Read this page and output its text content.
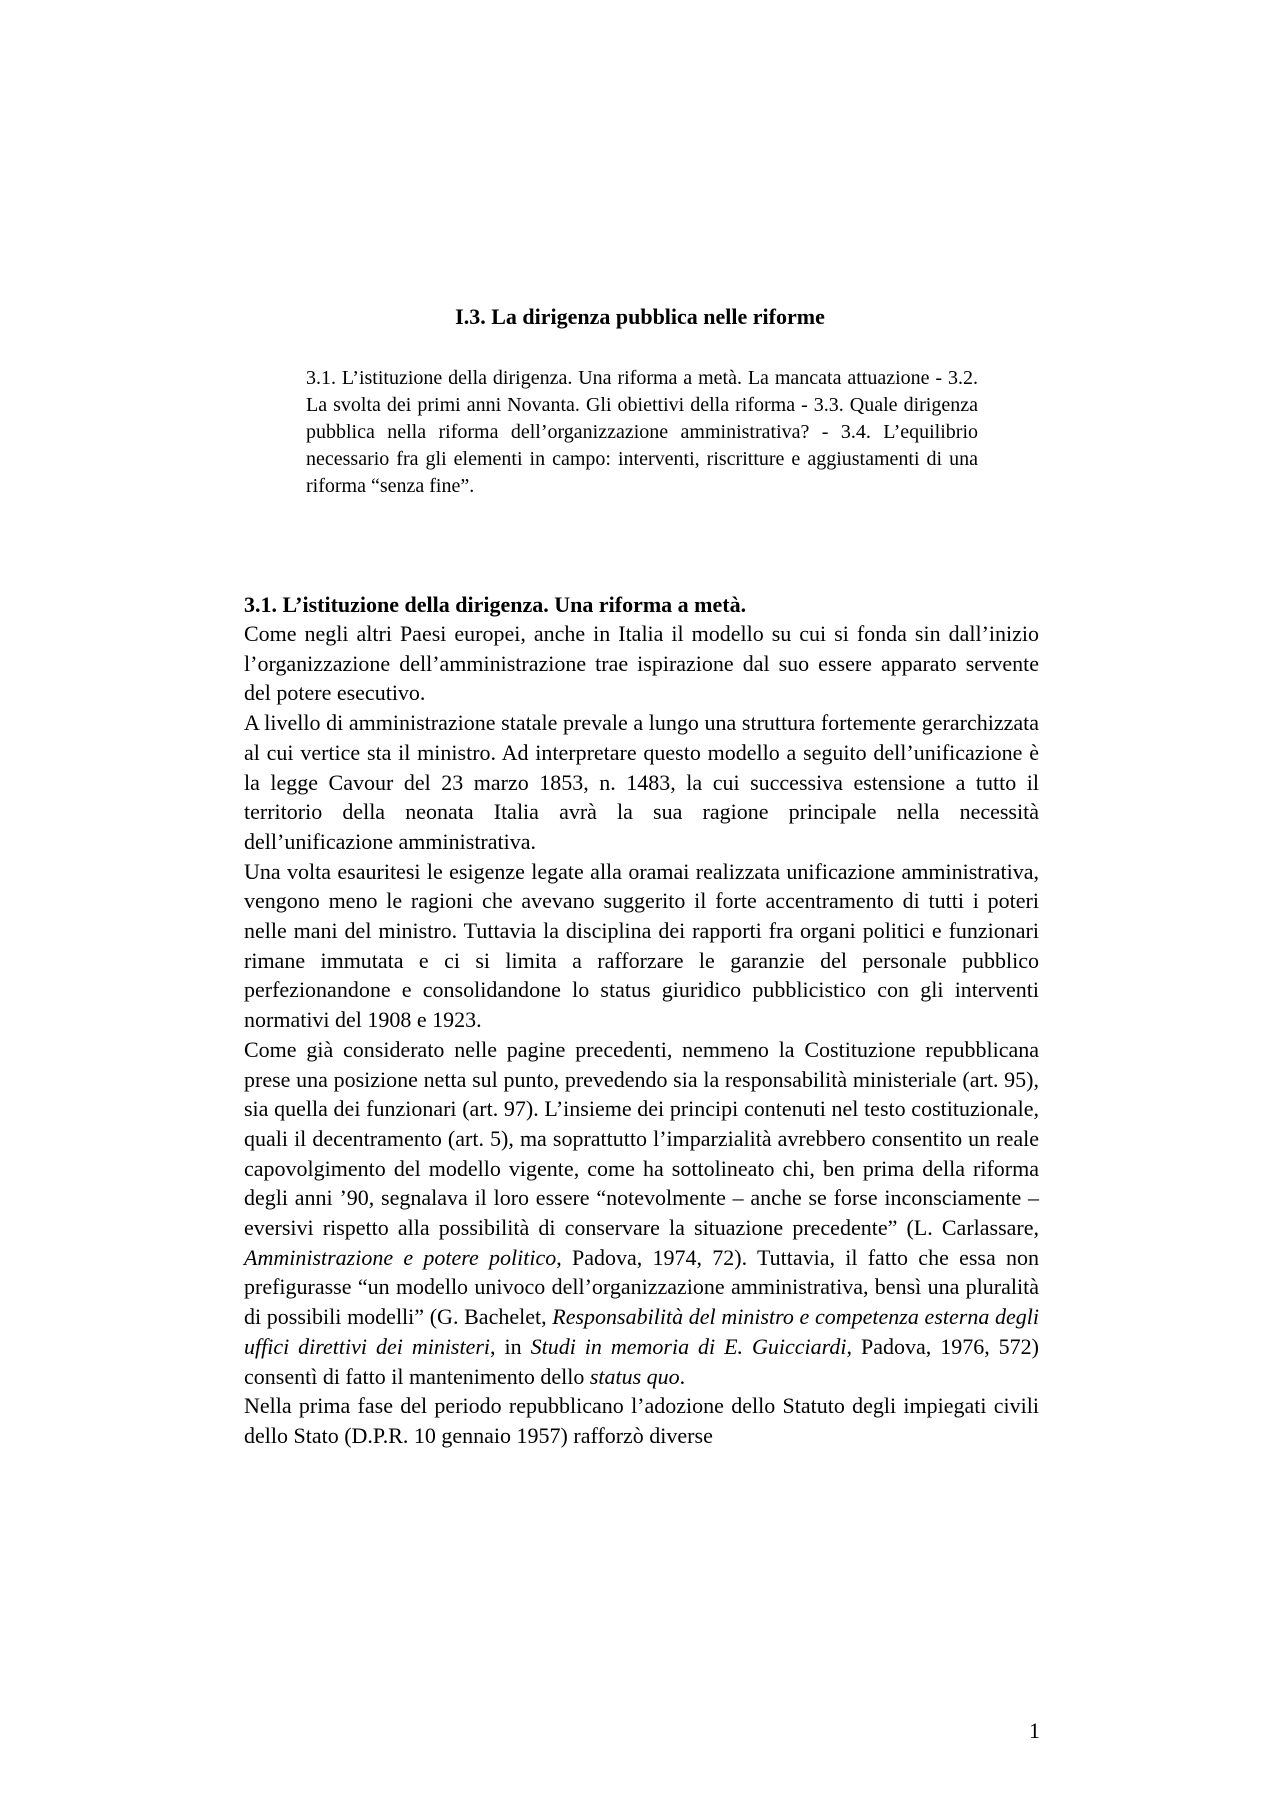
I.3. La dirigenza pubblica nelle riforme
3.1. L’istituzione della dirigenza. Una riforma a metà. La mancata attuazione - 3.2. La svolta dei primi anni Novanta. Gli obiettivi della riforma - 3.3. Quale dirigenza pubblica nella riforma dell’organizzazione amministrativa? - 3.4. L’equilibrio necessario fra gli elementi in campo: interventi, riscritture e aggiustamenti di una riforma “senza fine”.
3.1. L’istituzione della dirigenza. Una riforma a metà.

Come negli altri Paesi europei, anche in Italia il modello su cui si fonda sin dall’inizio l’organizzazione dell’amministrazione trae ispirazione dal suo essere apparato servente del potere esecutivo.

A livello di amministrazione statale prevale a lungo una struttura fortemente gerarchizzata al cui vertice sta il ministro. Ad interpretare questo modello a seguito dell’unificazione è la legge Cavour del 23 marzo 1853, n. 1483, la cui successiva estensione a tutto il territorio della neonata Italia avrà la sua ragione principale nella necessità dell’unificazione amministrativa.

Una volta esauritesi le esigenze legate alla oramai realizzata unificazione amministrativa, vengono meno le ragioni che avevano suggerito il forte accentramento di tutti i poteri nelle mani del ministro. Tuttavia la disciplina dei rapporti fra organi politici e funzionari rimane immutata e ci si limita a rafforzare le garanzie del personale pubblico perfezionandone e consolidandone lo status giuridico pubblicistico con gli interventi normativi del 1908 e 1923.

Come già considerato nelle pagine precedenti, nemmeno la Costituzione repubblicana prese una posizione netta sul punto, prevedendo sia la responsabilità ministeriale (art. 95), sia quella dei funzionari (art. 97). L’insieme dei principi contenuti nel testo costituzionale, quali il decentramento (art. 5), ma soprattutto l’imparzialità avrebbero consentito un reale capovolgimento del modello vigente, come ha sottolineato chi, ben prima della riforma degli anni ’90, segnalava il loro essere “notevolmente – anche se forse inconsciamente – eversivi rispetto alla possibilità di conservare la situazione precedente” (L. Carlassare, Amministrazione e potere politico, Padova, 1974, 72). Tuttavia, il fatto che essa non prefigurasse “un modello univoco dell’organizzazione amministrativa, bensì una pluralità di possibili modelli” (G. Bachelet, Responsabilità del ministro e competenza esterna degli uffici direttivi dei ministeri, in Studi in memoria di E. Guicciardi, Padova, 1976, 572) consentì di fatto il mantenimento dello status quo.

Nella prima fase del periodo repubblicano l’adozione dello Statuto degli impiegati civili dello Stato (D.P.R. 10 gennaio 1957) rafforzò diverse

1
